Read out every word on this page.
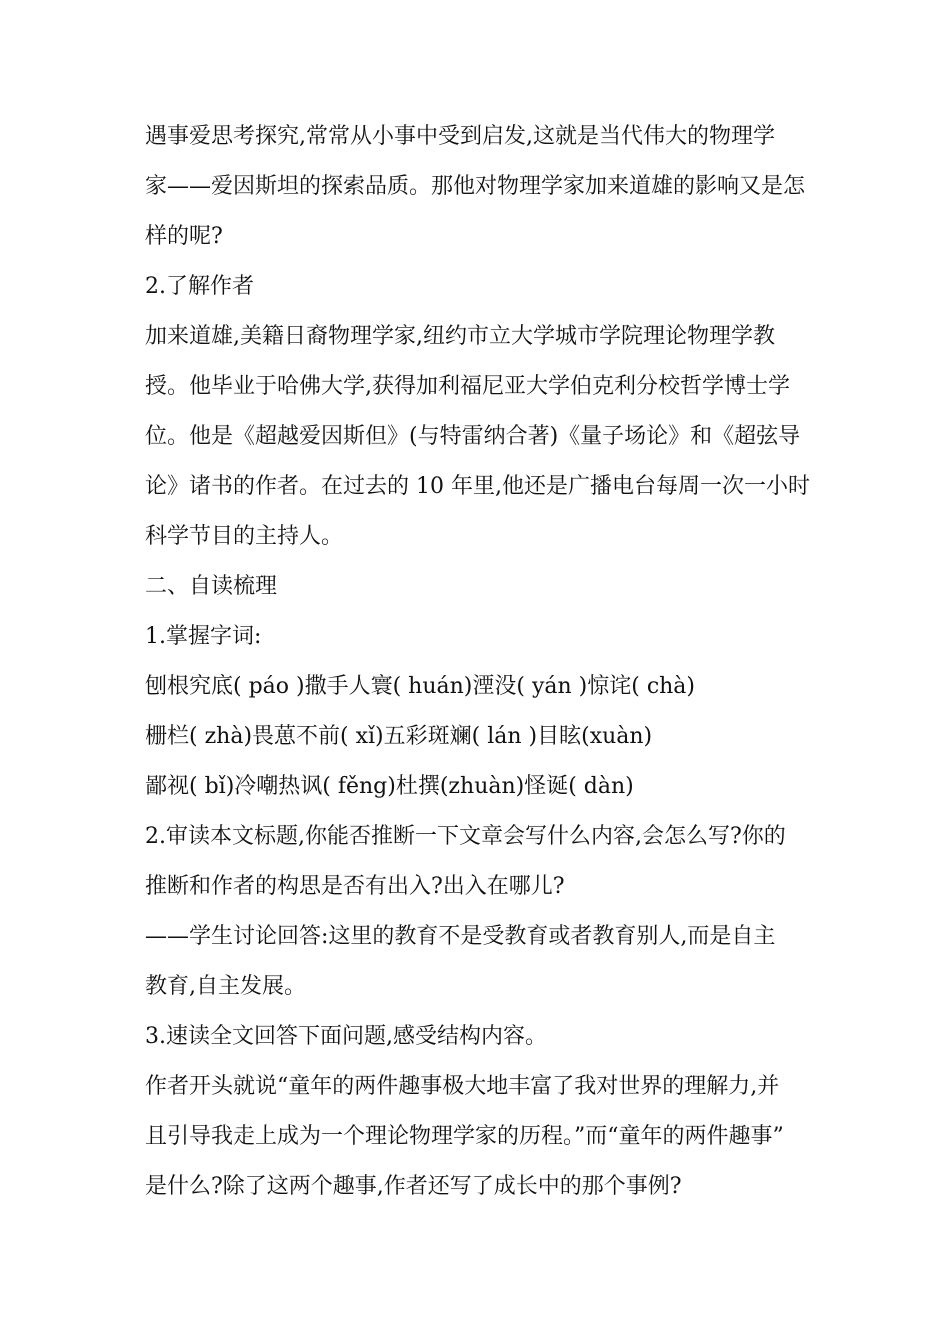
遇事爱思考探究,常常从小事中受到启发,这就是当代伟大的物理学
家——爱因斯坦的探索品质。那他对物理学家加来道雄的影响又是怎
样的呢?
2.了解作者
加来道雄,美籍日裔物理学家,纽约市立大学城市学院理论物理学教
授。他毕业于哈佛大学,获得加利福尼亚大学伯克利分校哲学博士学
位。他是《超越爱因斯但》(与特雷纳合著)《量子场论》和《超弦导
论》诸书的作者。在过去的 10 年里,他还是广播电台每周一次一小时
科学节目的主持人。
二、自读梳理
1.掌握字词:
刨根究底( páo )撒手人寰( huán)湮没( yán )惊诧( chà)
栅栏( zhà)畏葸不前( xǐ)五彩斑斓( lán )目眩(xuàn)
鄙视( bǐ)冷嘲热讽( fěng)杜撰(zhuàn)怪诞( dàn)
2.审读本文标题,你能否推断一下文章会写什么内容,会怎么写?你的
推断和作者的构思是否有出入?出入在哪儿?
——学生讨论回答:这里的教育不是受教育或者教育别人,而是自主
教育,自主发展。
3.速读全文回答下面问题,感受结构内容。
作者开头就说“童年的两件趣事极大地丰富了我对世界的理解力,并
且引导我走上成为一个理论物理学家的历程。”而“童年的两件趣事”
是什么?除了这两个趣事,作者还写了成长中的那个事例?
